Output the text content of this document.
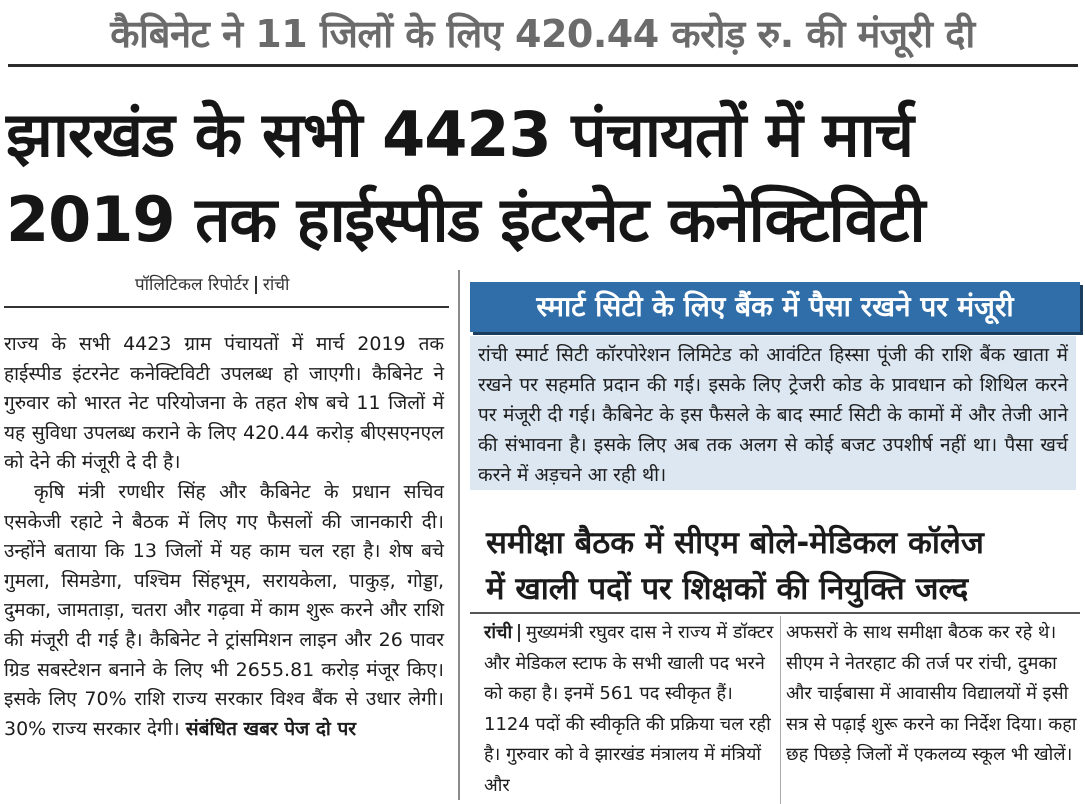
कैबिनेट ने 11 जिलों के लिए 420.44 करोड़ रु. की मंजूरी दी
झारखंड के सभी 4423 पंचायतों में मार्च
2019 तक हाईस्पीड इंटरनेट कनेक्टिविटी
पॉलिटिकल रिपोर्टर रांची

राज्य के सभी 4423 ग्राम पंचायतों में मार्च 2019 तक हाईस्पीड इंटरनेट कनेक्टिविटी उपलब्ध हो जाएगी। कैबिनेट ने गुरुवार को भारत नेट परियोजना के तहत शेष बचे 11 जिलों में यह सुविधा उपलब्ध कराने के लिए 420.44 करोड़ बीएसएनएल को देने की मंजूरी दे दी है।

कृषि मंत्री रणधीर सिंह और कैबिनेट के प्रधान सचिव एसकेजी रहाटे ने बैठक में लिए गए फैसलों की जानकारी दी। उन्होंने बताया कि 13 जिलों में यह काम चल रहा है। शेष बचे गुमला, सिमडेगा, पश्चिम सिंहभूम, सरायकेला, पाकुड़, गोड्डा, दुमका, जामताड़ा, चतरा और गढ़वा में काम शुरू करने और राशि की मंजूरी दी गई है। कैबिनेट ने ट्रांसमिशन लाइन और 26 पावर ग्रिड सबस्टेशन बनाने के लिए भी 2655.81 करोड़ मंजूर किए। इसके लिए 70% राशि राज्य सरकार विश्व बैंक से उधार लेगी। 30% राज्य सरकार देगी। संबंधित खबर पेज दो पर

स्मार्ट सिटी के लिए बैंक में पैसा रखने पर मंजूरी
रांची स्मार्ट सिटी कॉरपोरेशन लिमिटेड को आवंटित हिस्सा पूंजी की राशि बैंक खाता में रखने पर सहमति प्रदान की गई। इसके लिए ट्रेजरी कोड के प्रावधान को शिथिल करने पर मंजूरी दी गई। कैबिनेट के इस फैसले के बाद स्मार्ट सिटी के कामों में और तेजी आने की संभावना है। इसके लिए अब तक अलग से कोई बजट उपशीर्ष नहीं था। पैसा खर्च करने में अड़चने आ रही थी।
समीक्षा बैठक में सीएम बोले-मेडिकल कॉलेज
में खाली पदों पर शिक्षकों की नियुक्ति जल्द
रांची मुख्यमंत्री रघुवर दास ने राज्य में डॉक्टर और मेडिकल स्टाफ के सभी खाली पद भरने को कहा है। इनमें 561 पद स्वीकृत हैं। 1124 पदों की स्वीकृति की प्रक्रिया चल रही है। गुरुवार को वे झारखंड मंत्रालय में मंत्रियों और
अफसरों के साथ समीक्षा बैठक कर रहे थे। सीएम ने नेतरहाट की तर्ज पर रांची, दुमका और चाईबासा में आवासीय विद्यालयों में इसी सत्र से पढ़ाई शुरू करने का निर्देश दिया। कहा छह पिछड़े जिलों में एकलव्य स्कूल भी खोलें।
